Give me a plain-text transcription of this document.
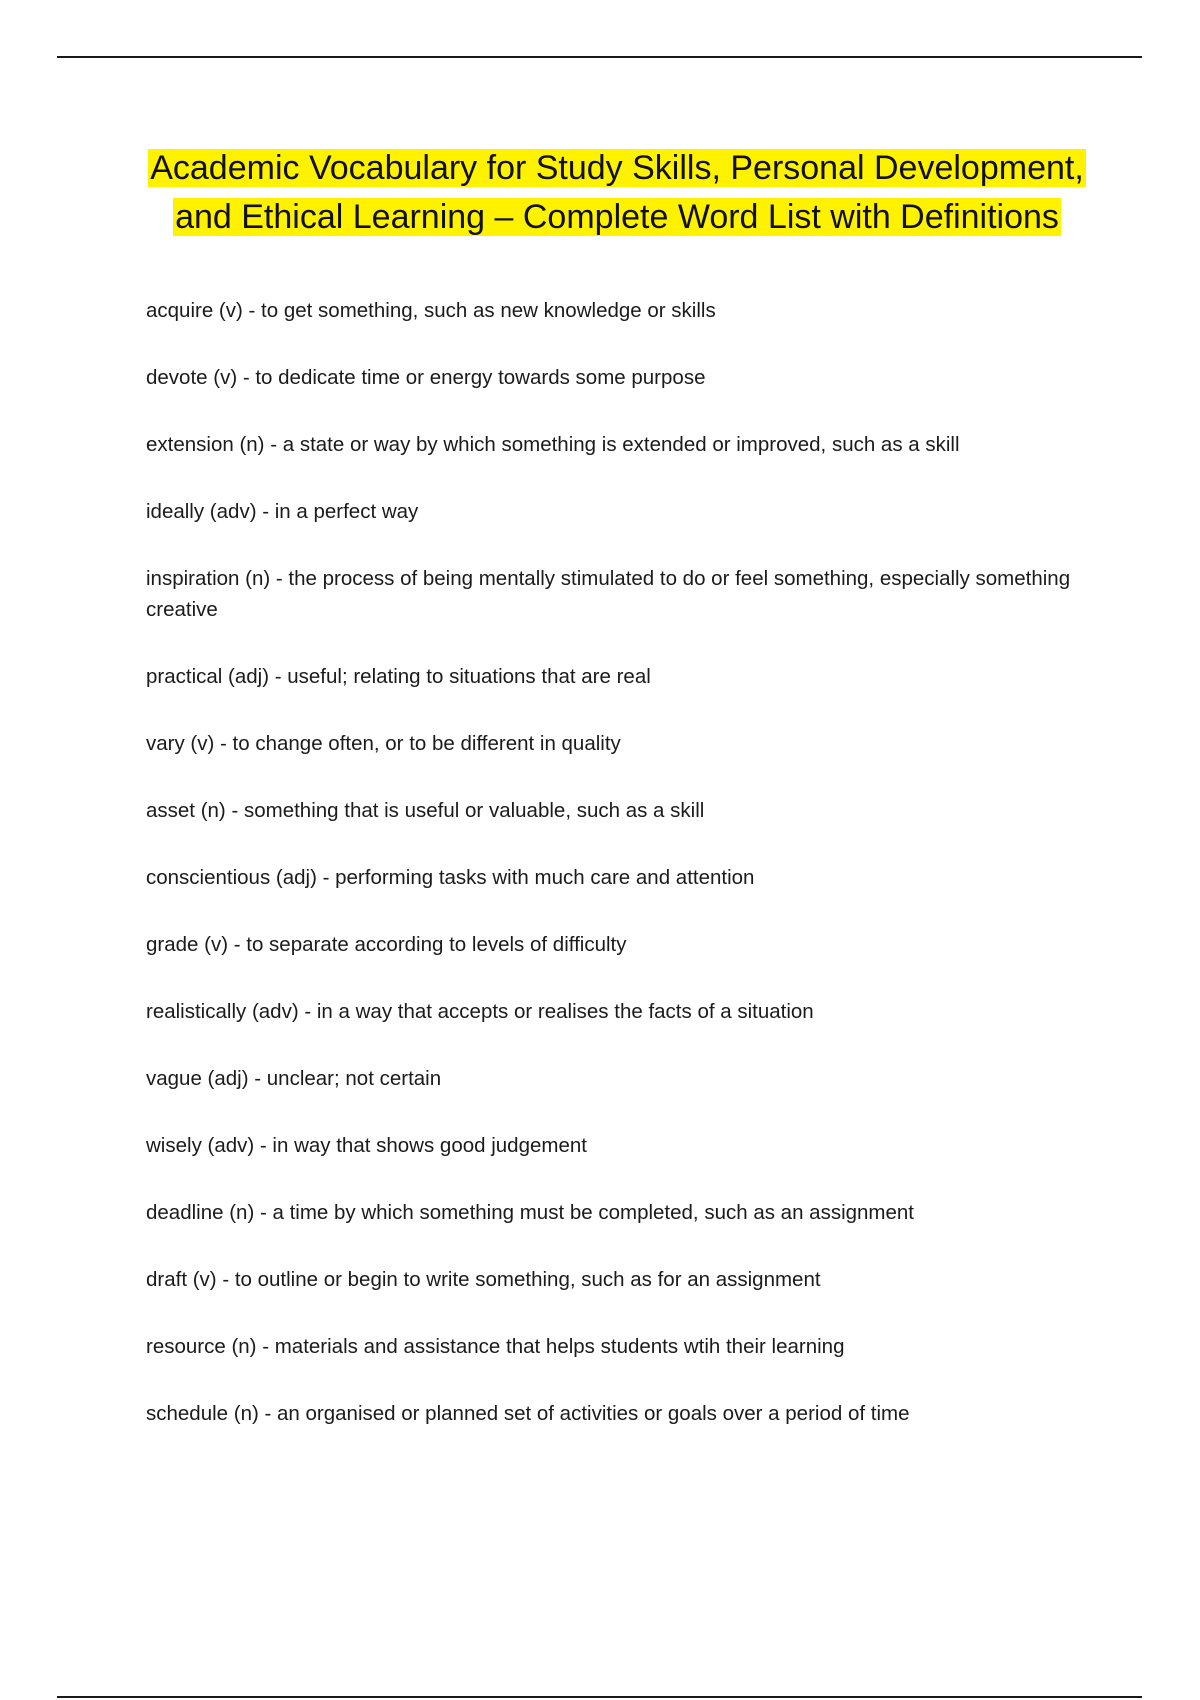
Academic Vocabulary for Study Skills, Personal Development, and Ethical Learning – Complete Word List with Definitions
acquire (v) - to get something, such as new knowledge or skills
devote (v) - to dedicate time or energy towards some purpose
extension (n) - a state or way by which something is extended or improved, such as a skill
ideally (adv) - in a perfect way
inspiration (n) - the process of being mentally stimulated to do or feel something, especially something creative
practical (adj) - useful; relating to situations that are real
vary (v) - to change often, or to be different in quality
asset (n) - something that is useful or valuable, such as a skill
conscientious (adj) - performing tasks with much care and attention
grade (v) - to separate according to levels of difficulty
realistically (adv) - in a way that accepts or realises the facts of a situation
vague (adj) - unclear; not certain
wisely (adv) - in way that shows good judgement
deadline (n) - a time by which something must be completed, such as an assignment
draft (v) - to outline or begin to write something, such as for an assignment
resource (n) - materials and assistance that helps students wtih their learning
schedule (n) - an organised or planned set of activities or goals over a period of time
